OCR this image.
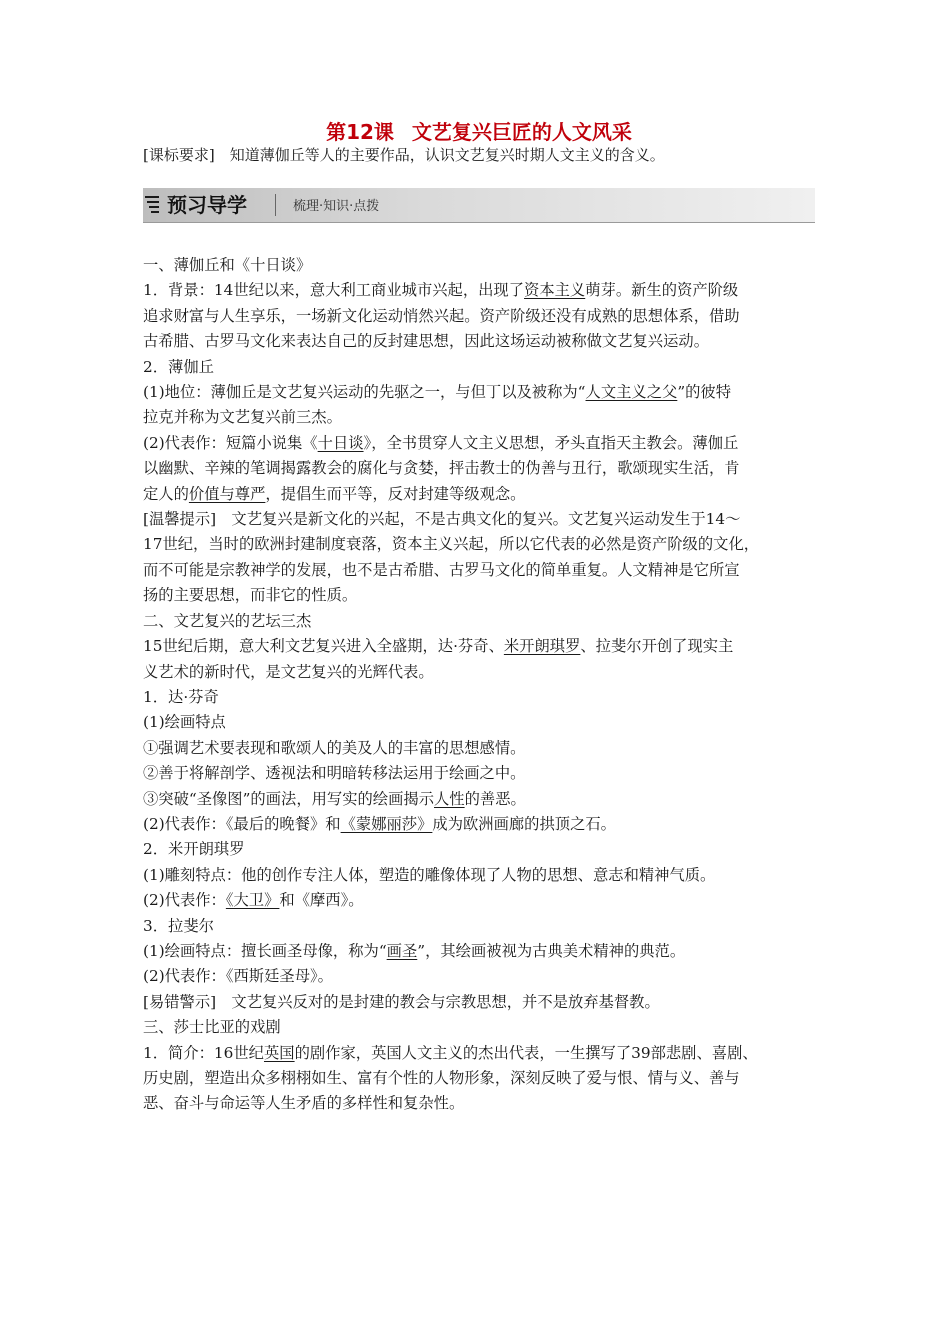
第12课 文艺复兴巨匠的人文风采

[课标要求]　知道薄伽丘等人的主要作品，认识文艺复兴时期人文主义的含义。

预习导学	梳理·知识·点拨

一、薄伽丘和《十日谈》

1．背景：14世纪以来，意大利工商业城市兴起，出现了资本主义萌芽。新生的资产阶级

追求财富与人生享乐，一场新文化运动悄然兴起。资产阶级还没有成熟的思想体系，借助

古希腊、古罗马文化来表达自己的反封建思想，因此这场运动被称做文艺复兴运动。

2．薄伽丘

(1)地位：薄伽丘是文艺复兴运动的先驱之一，与但丁以及被称为“人文主义之父”的彼特

拉克并称为文艺复兴前三杰。

(2)代表作：短篇小说集《十日谈》，全书贯穿人文主义思想，矛头直指天主教会。薄伽丘

以幽默、辛辣的笔调揭露教会的腐化与贪婪，抨击教士的伪善与丑行，歌颂现实生活，肯

定人的价值与尊严，提倡生而平等，反对封建等级观念。

[温馨提示]　文艺复兴是新文化的兴起，不是古典文化的复兴。文艺复兴运动发生于14～

17世纪，当时的欧洲封建制度衰落，资本主义兴起，所以它代表的必然是资产阶级的文化，

而不可能是宗教神学的发展，也不是古希腊、古罗马文化的简单重复。人文精神是它所宣

扬的主要思想，而非它的性质。

二、文艺复兴的艺坛三杰

15世纪后期，意大利文艺复兴进入全盛期，达·芬奇、米开朗琪罗、拉斐尔开创了现实主

义艺术的新时代，是文艺复兴的光辉代表。

1．达·芬奇

(1)绘画特点

①强调艺术要表现和歌颂人的美及人的丰富的思想感情。

②善于将解剖学、透视法和明暗转移法运用于绘画之中。

③突破“圣像图”的画法，用写实的绘画揭示人性的善恶。

(2)代表作：《最后的晚餐》和《蒙娜丽莎》成为欧洲画廊的拱顶之石。

2．米开朗琪罗

(1)雕刻特点：他的创作专注人体，塑造的雕像体现了人物的思想、意志和精神气质。

(2)代表作：《大卫》和《摩西》。

3．拉斐尔

(1)绘画特点：擅长画圣母像，称为“画圣”，其绘画被视为古典美术精神的典范。

(2)代表作：《西斯廷圣母》。

[易错警示]　文艺复兴反对的是封建的教会与宗教思想，并不是放弃基督教。

三、莎士比亚的戏剧

1．简介：16世纪英国的剧作家，英国人文主义的杰出代表，一生撰写了39部悲剧、喜剧、

历史剧，塑造出众多栩栩如生、富有个性的人物形象，深刻反映了爱与恨、情与义、善与

恶、奋斗与命运等人生矛盾的多样性和复杂性。
